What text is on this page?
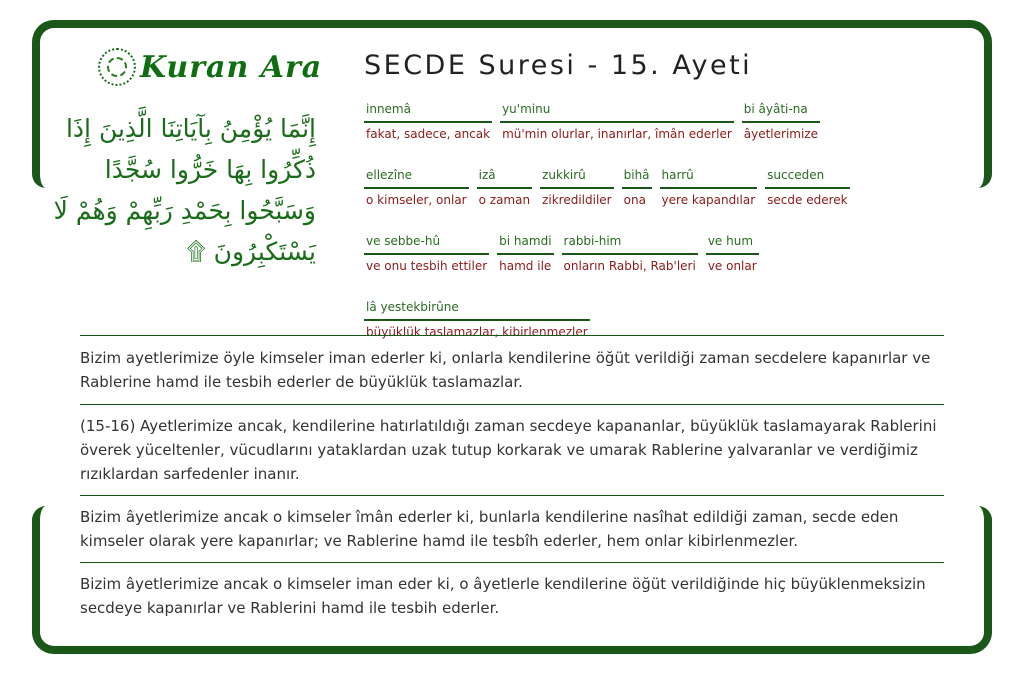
Kuran Ara
إِنَّمَا يُؤْمِنُ بِآيَاتِنَا الَّذِينَ إِذَا ذُكِّرُوا بِهَا خَرُّوا سُجَّدًا وَسَبَّحُوا بِحَمْدِ رَبِّهِمْ وَهُمْ لَا يَسْتَكْبِرُونَ ۩
SECDE Suresi - 15. Ayeti
innemâ
fakat, sadece, ancak
yu'minu
mü'min olurlar, inanırlar, îmân ederler
bi âyâti-na
âyetlerimize
ellezîne
o kimseler, onlar
izâ
o zaman
zukkirû
zikredildiler
bihâ
ona
harrû
yere kapandılar
succeden
secde ederek
ve sebbe-hû
ve onu tesbih ettiler
bi hamdi
hamd ile
rabbi-him
onların Rabbi, Rab'leri
ve hum
ve onlar
lâ yestekbirûne
büyüklük taslamazlar, kibirlenmezler
Bizim ayetlerimize öyle kimseler iman ederler ki, onlarla kendilerine öğüt verildiği zaman secdelere kapanırlar ve Rablerine hamd ile tesbih ederler de büyüklük taslamazlar.
(15-16) Ayetlerimize ancak, kendilerine hatırlatıldığı zaman secdeye kapananlar, büyüklük taslamayarak Rablerini överek yüceltenler, vücudlarını yataklardan uzak tutup korkarak ve umarak Rablerine yalvaranlar ve verdiğimiz rızıklardan sarfedenler inanır.
Bizim âyetlerimize ancak o kimseler îmân ederler ki, bunlarla kendilerine nasîhat edildiği zaman, secde eden kimseler olarak yere kapanırlar; ve Rablerine hamd ile tesbîh ederler, hem onlar kibirlenmezler.
Bizim âyetlerimize ancak o kimseler iman eder ki, o âyetlerle kendilerine öğüt verildiğinde hiç büyüklenmeksizin secdeye kapanırlar ve Rablerini hamd ile tesbih ederler.
